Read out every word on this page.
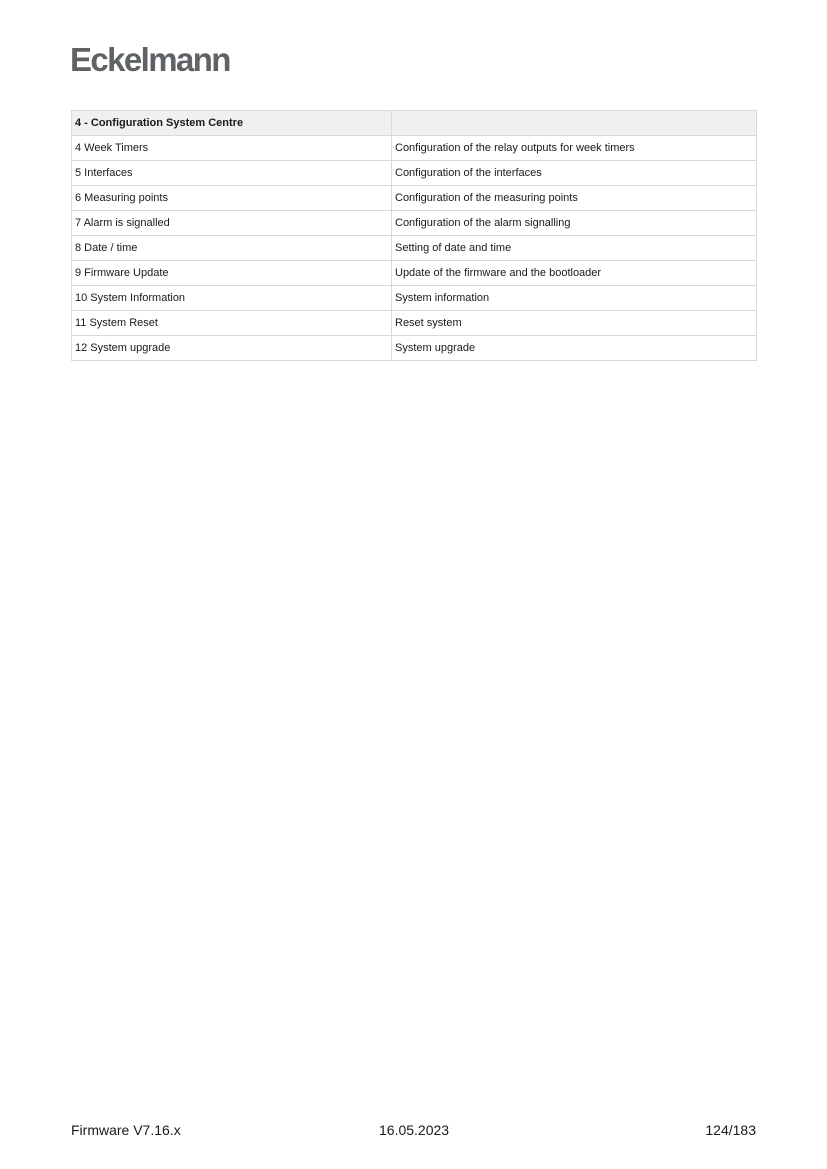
Eckelmann
4 - Configuration System Centre	
4 Week Timers	Configuration of the relay outputs for week timers
5 Interfaces	Configuration of the interfaces
6 Measuring points	Configuration of the measuring points
7 Alarm is signalled	Configuration of the alarm signalling
8 Date / time	Setting of date and time
9 Firmware Update	Update of the firmware and the bootloader
10 System Information	System information
11 System Reset	Reset system
12 System upgrade	System upgrade
Firmware V7.16.x	16.05.2023	124/183
